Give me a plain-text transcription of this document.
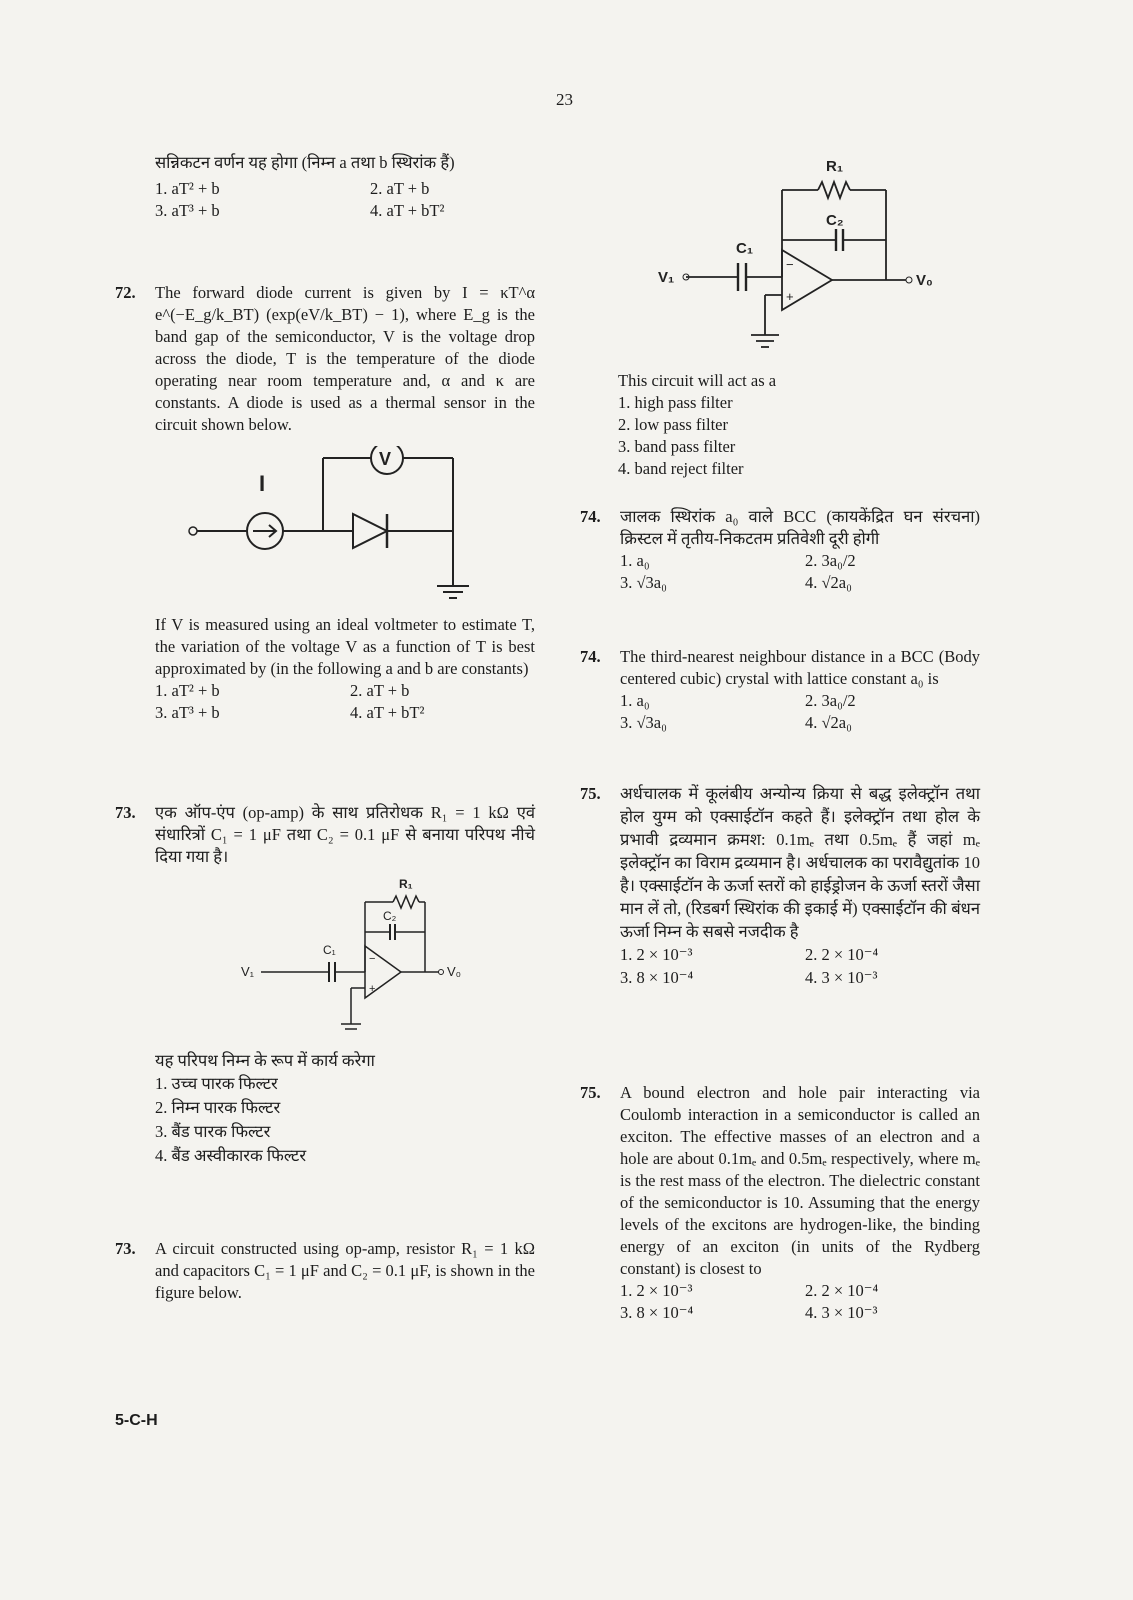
23
सन्निकटन वर्णन यह होगा (निम्न a तथा b स्थिरांक हैं)
1. aT² + b	2. aT + b
3. aT³ + b	4. aT + bT²
72. The forward diode current is given by I = κT^α e^(−E_g/k_BT) (exp(eV/k_BT) − 1), where E_g is the band gap of the semiconductor, V is the voltage drop across the diode, T is the temperature of the diode operating near room temperature and, α and κ are constants. A diode is used as a thermal sensor in the circuit shown below.
I
V
If V is measured using an ideal voltmeter to estimate T, the variation of the voltage V as a function of T is best approximated by (in the following a and b are constants)
1. aT² + b	2. aT + b
3. aT³ + b	4. aT + bT²
73. एक ऑप-एंप (op-amp) के साथ प्रतिरोधक R₁ = 1 kΩ एवं संधारित्रों C₁ = 1 μF तथा C₂ = 0.1 μF से बनाया परिपथ नीचे दिया गया है।
V₁
C₁
−
+
V₀
R₁
C₂
यह परिपथ निम्न के रूप में कार्य करेगा
1. उच्च पारक फिल्टर
2. निम्न पारक फिल्टर
3. बैंड पारक फिल्टर
4. बैंड अस्वीकारक फिल्टर
73. A circuit constructed using op-amp, resistor R₁ = 1 kΩ and capacitors C₁ = 1 μF and C₂ = 0.1 μF, is shown in the figure below.
V₁
C₁
−
+
V₀
R₁
C₂
This circuit will act as a
1. high pass filter
2. low pass filter
3. band pass filter
4. band reject filter
74. जालक स्थिरांक a₀ वाले BCC (कायकेंद्रित घन संरचना) क्रिस्टल में तृतीय-निकटतम प्रतिवेशी दूरी होगी
1. a₀	2. 3a₀/2
3. √3a₀	4. √2a₀
74. The third-nearest neighbour distance in a BCC (Body centered cubic) crystal with lattice constant a₀ is
1. a₀	2. 3a₀/2
3. √3a₀	4. √2a₀
75. अर्धचालक में कूलंबीय अन्योन्य क्रिया से बद्ध इलेक्ट्रॉन तथा होल युग्म को एक्साईटॉन कहते हैं। इलेक्ट्रॉन तथा होल के प्रभावी द्रव्यमान क्रमश: 0.1mₑ तथा 0.5mₑ हैं जहां mₑ इलेक्ट्रॉन का विराम द्रव्यमान है। अर्धचालक का परावैद्युतांक 10 है। एक्साईटॉन के ऊर्जा स्तरों को हाईड्रोजन के ऊर्जा स्तरों जैसा मान लें तो, (रिडबर्ग स्थिरांक की इकाई में) एक्साईटॉन की बंधन ऊर्जा निम्न के सबसे नजदीक है
1. 2 × 10⁻³	2. 2 × 10⁻⁴
3. 8 × 10⁻⁴	4. 3 × 10⁻³
75. A bound electron and hole pair interacting via Coulomb interaction in a semiconductor is called an exciton. The effective masses of an electron and a hole are about 0.1mₑ and 0.5mₑ respectively, where mₑ is the rest mass of the electron. The dielectric constant of the semiconductor is 10. Assuming that the energy levels of the excitons are hydrogen-like, the binding energy of an exciton (in units of the Rydberg constant) is closest to
1. 2 × 10⁻³	2. 2 × 10⁻⁴
3. 8 × 10⁻⁴	4. 3 × 10⁻³
5-C-H
